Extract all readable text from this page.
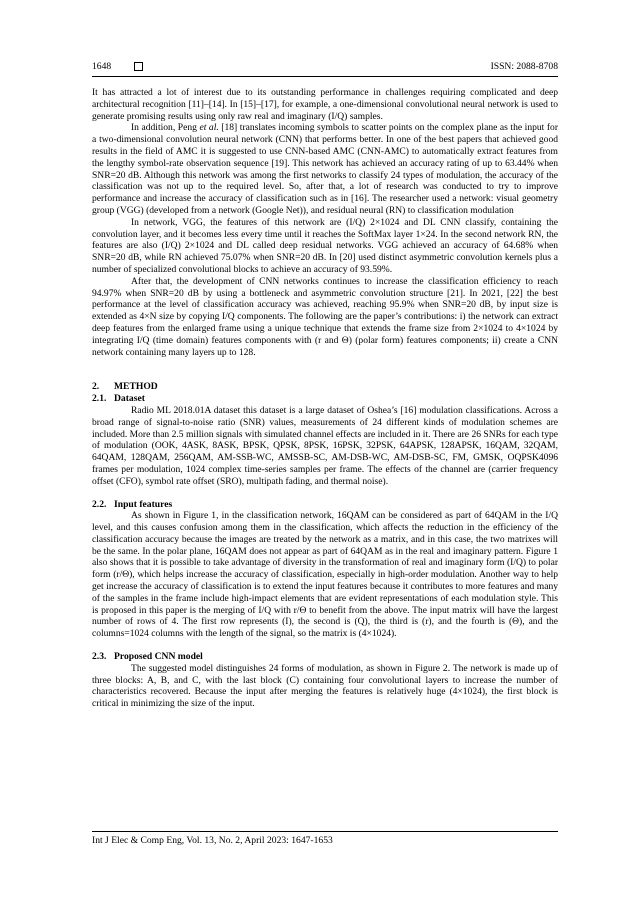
1648	ISSN: 2088-8708

It has attracted a lot of interest due to its outstanding performance in challenges requiring complicated and deep architectural recognition [11]–[14]. In [15]–[17], for example, a one-dimensional convolutional neural network is used to generate promising results using only raw real and imaginary (I/Q) samples.

In addition, Peng et al. [18] translates incoming symbols to scatter points on the complex plane as the input for a two-dimensional convolution neural network (CNN) that performs better. In one of the best papers that achieved good results in the field of AMC it is suggested to use CNN-based AMC (CNN-AMC) to automatically extract features from the lengthy symbol-rate observation sequence [19]. This network has achieved an accuracy rating of up to 63.44% when SNR=20 dB. Although this network was among the first networks to classify 24 types of modulation, the accuracy of the classification was not up to the required level. So, after that, a lot of research was conducted to try to improve performance and increase the accuracy of classification such as in [16]. The researcher used a network: visual geometry group (VGG) (developed from a network (Google Net)), and residual neural (RN) to classification modulation

In network, VGG, the features of this network are (I/Q) 2×1024 and DL CNN classify, containing the convolution layer, and it becomes less every time until it reaches the SoftMax layer 1×24. In the second network RN, the features are also (I/Q) 2×1024 and DL called deep residual networks. VGG achieved an accuracy of 64.68% when SNR=20 dB, while RN achieved 75.07% when SNR=20 dB. In [20] used distinct asymmetric convolution kernels plus a number of specialized convolutional blocks to achieve an accuracy of 93.59%.

After that, the development of CNN networks continues to increase the classification efficiency to reach 94.97% when SNR=20 dB by using a bottleneck and asymmetric convolution structure [21]. In 2021, [22] the best performance at the level of classification accuracy was achieved, reaching 95.9% when SNR=20 dB, by input size is extended as 4×N size by copying I/Q components. The following are the paper’s contributions: i) the network can extract deep features from the enlarged frame using a unique technique that extends the frame size from 2×1024 to 4×1024 by integrating I/Q (time domain) features components with (r and Θ) (polar form) features components; ii) create a CNN network containing many layers up to 128.

2. METHOD

2.1. Dataset

Radio ML 2018.01A dataset this dataset is a large dataset of Oshea’s [16] modulation classifications. Across a broad range of signal-to-noise ratio (SNR) values, measurements of 24 different kinds of modulation schemes are included. More than 2.5 million signals with simulated channel effects are included in it. There are 26 SNRs for each type of modulation (OOK, 4ASK, 8ASK, BPSK, QPSK, 8PSK, 16PSK, 32PSK, 64APSK, 128APSK, 16QAM, 32QAM, 64QAM, 128QAM, 256QAM, AM-SSB-WC, AMSSB-SC, AM-DSB-WC, AM-DSB-SC, FM, GMSK, OQPSK4096 frames per modulation, 1024 complex time-series samples per frame. The effects of the channel are (carrier frequency offset (CFO), symbol rate offset (SRO), multipath fading, and thermal noise).

2.2. Input features

As shown in Figure 1, in the classification network, 16QAM can be considered as part of 64QAM in the I/Q level, and this causes confusion among them in the classification, which affects the reduction in the efficiency of the classification accuracy because the images are treated by the network as a matrix, and in this case, the two matrixes will be the same. In the polar plane, 16QAM does not appear as part of 64QAM as in the real and imaginary pattern. Figure 1 also shows that it is possible to take advantage of diversity in the transformation of real and imaginary form (I/Q) to polar form (r/Θ), which helps increase the accuracy of classification, especially in high-order modulation. Another way to help get increase the accuracy of classification is to extend the input features because it contributes to more features and many of the samples in the frame include high-impact elements that are evident representations of each modulation style. This is proposed in this paper is the merging of I/Q with r/Θ to benefit from the above. The input matrix will have the largest number of rows of 4. The first row represents (I), the second is (Q), the third is (r), and the fourth is (Θ), and the columns=1024 columns with the length of the signal, so the matrix is (4×1024).

2.3. Proposed CNN model

The suggested model distinguishes 24 forms of modulation, as shown in Figure 2. The network is made up of three blocks: A, B, and C, with the last block (C) containing four convolutional layers to increase the number of characteristics recovered. Because the input after merging the features is relatively huge (4×1024), the first block is critical in minimizing the size of the input.

Int J Elec & Comp Eng, Vol. 13, No. 2, April 2023: 1647-1653
